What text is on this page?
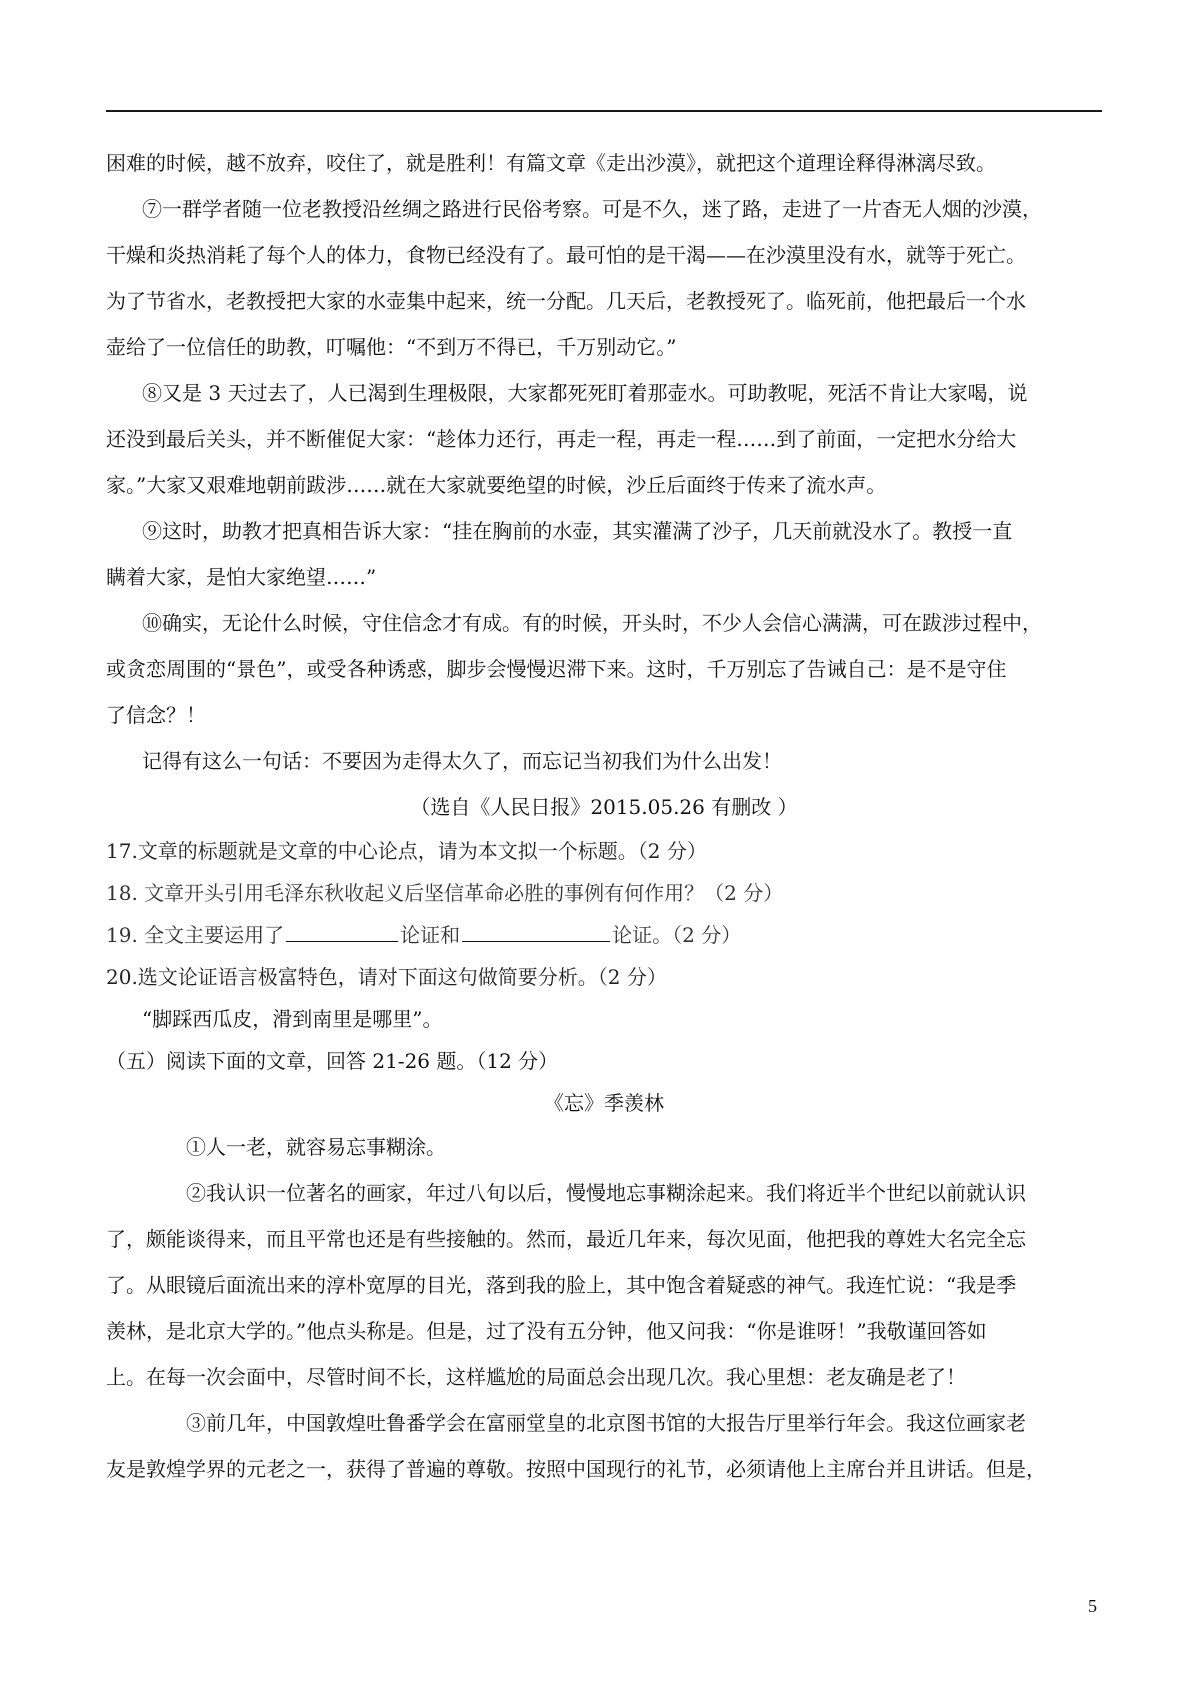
困难的时候，越不放弃，咬住了，就是胜利！有篇文章《走出沙漠》，就把这个道理诠释得淋漓尽致。
⑦一群学者随一位老教授沿丝绸之路进行民俗考察。可是不久，迷了路，走进了一片杳无人烟的沙漠，
干燥和炎热消耗了每个人的体力，食物已经没有了。最可怕的是干渴——在沙漠里没有水，就等于死亡。
为了节省水，老教授把大家的水壶集中起来，统一分配。几天后，老教授死了。临死前，他把最后一个水
壶给了一位信任的助教，叮嘱他：“不到万不得已，千万别动它。”
⑧又是 3 天过去了，人已渴到生理极限，大家都死死盯着那壶水。可助教呢，死活不肯让大家喝，说
还没到最后关头，并不断催促大家：“趁体力还行，再走一程，再走一程……到了前面，一定把水分给大
家。”大家又艰难地朝前跋涉……就在大家就要绝望的时候，沙丘后面终于传来了流水声。
⑨这时，助教才把真相告诉大家：“挂在胸前的水壶，其实灌满了沙子，几天前就没水了。教授一直
瞒着大家，是怕大家绝望……”
⑩确实，无论什么时候，守住信念才有成。有的时候，开头时，不少人会信心满满，可在跋涉过程中，
或贪恋周围的“景色”，或受各种诱惑，脚步会慢慢迟滞下来。这时，千万别忘了告诫自己：是不是守住
了信念？！
记得有这么一句话：不要因为走得太久了，而忘记当初我们为什么出发！
（选自《人民日报》2015.05.26 有删改 ）
17.文章的标题就是文章的中心论点，请为本文拟一个标题。（2 分）
18. 文章开头引用毛泽东秋收起义后坚信革命必胜的事例有何作用？（2 分）
19. 全文主要运用了	论证和	论证。（2 分）
20.选文论证语言极富特色，请对下面这句做简要分析。（2 分）
“脚踩西瓜皮，滑到南里是哪里”。
（五）阅读下面的文章，回答 21-26 题。（12 分）
《忘》季羡林
①人一老，就容易忘事糊涂。
②我认识一位著名的画家，年过八旬以后，慢慢地忘事糊涂起来。我们将近半个世纪以前就认识
了，颇能谈得来，而且平常也还是有些接触的。然而，最近几年来，每次见面，他把我的尊姓大名完全忘
了。从眼镜后面流出来的淳朴宽厚的目光，落到我的脸上，其中饱含着疑惑的神气。我连忙说：“我是季
羡林，是北京大学的。”他点头称是。但是，过了没有五分钟，他又问我：“你是谁呀！”我敬谨回答如
上。在每一次会面中，尽管时间不长，这样尴尬的局面总会出现几次。我心里想：老友确是老了！
③前几年，中国敦煌吐鲁番学会在富丽堂皇的北京图书馆的大报告厅里举行年会。我这位画家老
友是敦煌学界的元老之一，获得了普遍的尊敬。按照中国现行的礼节，必须请他上主席台并且讲话。但是，
5
